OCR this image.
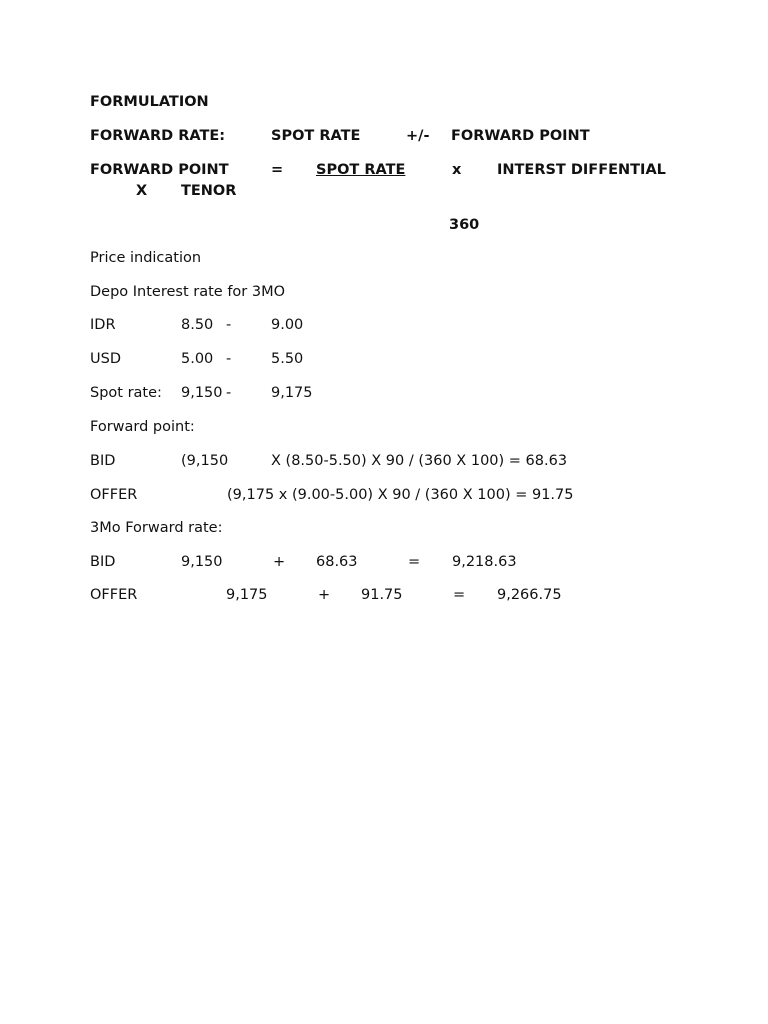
FORMULATION
FORWARD RATE:	SPOT RATE	+/- FORWARD POINT
FORWARD POINT	= SPOT RATE	x INTERST DIFFENTIAL
X TENOR
360
Price indication
Depo Interest rate for 3MO
IDR	8.50 -	9.00
USD	5.00 -	5.50
Spot rate: 9,150 -	9,175
Forward point:
BID	(9,150	X (8.50-5.50) X 90 / (360 X 100) = 68.63
OFFER	(9,175 x (9.00-5.00) X 90 / (360 X 100) = 91.75
3Mo Forward rate:
BID	9,150	+ 68.63	= 9,218.63
OFFER	9,175	+ 91.75	= 9,266.75
